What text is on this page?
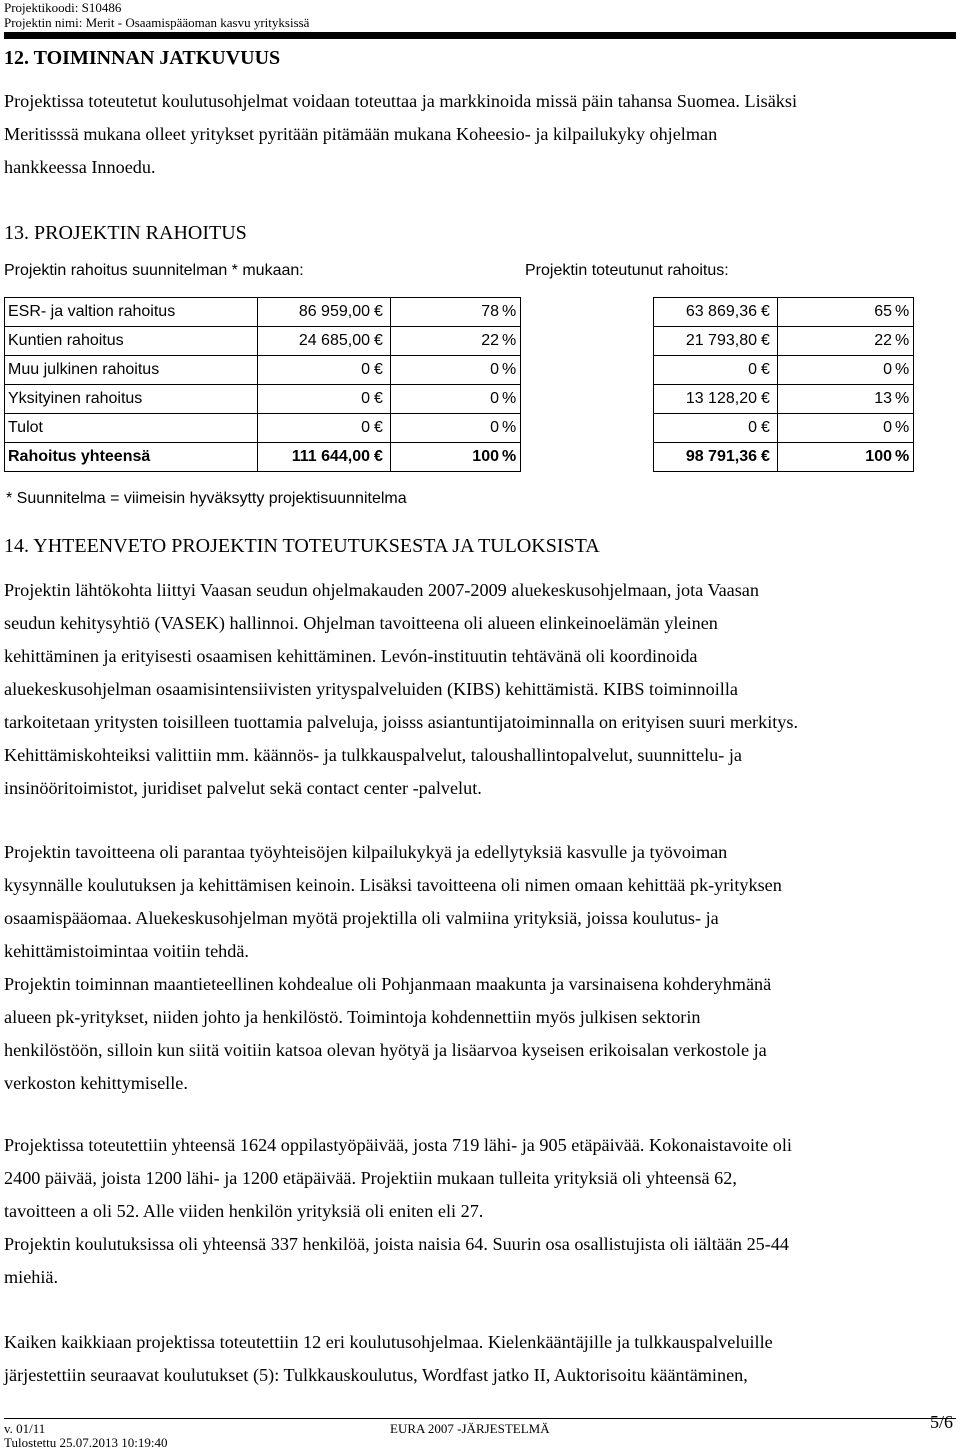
Projektikoodi: S10486
Projektin nimi: Merit - Osaamispääoman kasvu yrityksissä
12. TOIMINNAN JATKUVUUS
Projektissa toteutetut koulutusohjelmat voidaan toteuttaa ja markkinoida missä päin tahansa Suomea. Lisäksi
Meritisssä mukana olleet yritykset pyritään pitämään mukana Koheesio- ja kilpailukyky ohjelman
hankkeessa Innoedu.
13. PROJEKTIN RAHOITUS
Projektin rahoitus suunnitelman * mukaan:	Projektin toteutunut rahoitus:
ESR- ja valtion rahoitus	86 959,00	€	78	%		63 869,36	€	65	%
Kuntien rahoitus	24 685,00	€	22	%		21 793,80	€	22	%
Muu julkinen rahoitus	0	€	0	%		0	€	0	%
Yksityinen rahoitus	0	€	0	%		13 128,20	€	13	%
Tulot	0	€	0	%		0	€	0	%
Rahoitus yhteensä	111 644,00	€	100	%		98 791,36	€	100	%
* Suunnitelma = viimeisin hyväksytty projektisuunnitelma
14. YHTEENVETO PROJEKTIN TOTEUTUKSESTA JA TULOKSISTA
Projektin lähtökohta liittyi Vaasan seudun ohjelmakauden 2007-2009 aluekeskusohjelmaan, jota Vaasan
seudun kehitysyhtiö (VASEK) hallinnoi. Ohjelman tavoitteena oli alueen elinkeinoelämän yleinen
kehittäminen ja erityisesti osaamisen kehittäminen. Levón-instituutin tehtävänä oli koordinoida
aluekeskusohjelman osaamisintensiivisten yrityspalveluiden (KIBS) kehittämistä. KIBS toiminnoilla
tarkoitetaan yritysten toisilleen tuottamia palveluja, joisss asiantuntijatoiminnalla on erityisen suuri merkitys.
Kehittämiskohteiksi valittiin mm. käännös- ja tulkkauspalvelut, taloushallintopalvelut, suunnittelu- ja
insinööritoimistot, juridiset palvelut sekä contact center -palvelut.
Projektin tavoitteena oli parantaa työyhteisöjen kilpailukykyä ja edellytyksiä kasvulle ja työvoiman
kysynnälle koulutuksen ja kehittämisen keinoin. Lisäksi tavoitteena oli nimen omaan kehittää pk-yrityksen
osaamispääomaa. Aluekeskusohjelman myötä projektilla oli valmiina yrityksiä, joissa koulutus- ja
kehittämistoimintaa voitiin tehdä.
Projektin toiminnan maantieteellinen kohdealue oli Pohjanmaan maakunta ja varsinaisena kohderyhmänä
alueen pk-yritykset, niiden johto ja henkilöstö. Toimintoja kohdennettiin myös julkisen sektorin
henkilöstöön, silloin kun siitä voitiin katsoa olevan hyötyä ja lisäarvoa kyseisen erikoisalan verkostole ja
verkoston kehittymiselle.
Projektissa toteutettiin yhteensä 1624 oppilastyöpäivää, josta 719 lähi- ja 905 etäpäivää. Kokonaistavoite oli
2400 päivää, joista 1200 lähi- ja 1200 etäpäivää. Projektiin mukaan tulleita yrityksiä oli yhteensä 62,
tavoitteen a oli 52. Alle viiden henkilön yrityksiä oli eniten eli 27.
Projektin koulutuksissa oli yhteensä 337 henkilöä, joista naisia 64. Suurin osa osallistujista oli iältään 25-44
miehiä.
Kaiken kaikkiaan projektissa toteutettiin 12 eri koulutusohjelmaa. Kielenkääntäjille ja tulkkauspalveluille
järjestettiin seuraavat koulutukset (5): Tulkkauskoulutus, Wordfast jatko II, Auktorisoitu kääntäminen,
v. 01/11
Tulostettu 25.07.2013 10:19:40
EURA 2007 -JÄRJESTELMÄ	5/6
